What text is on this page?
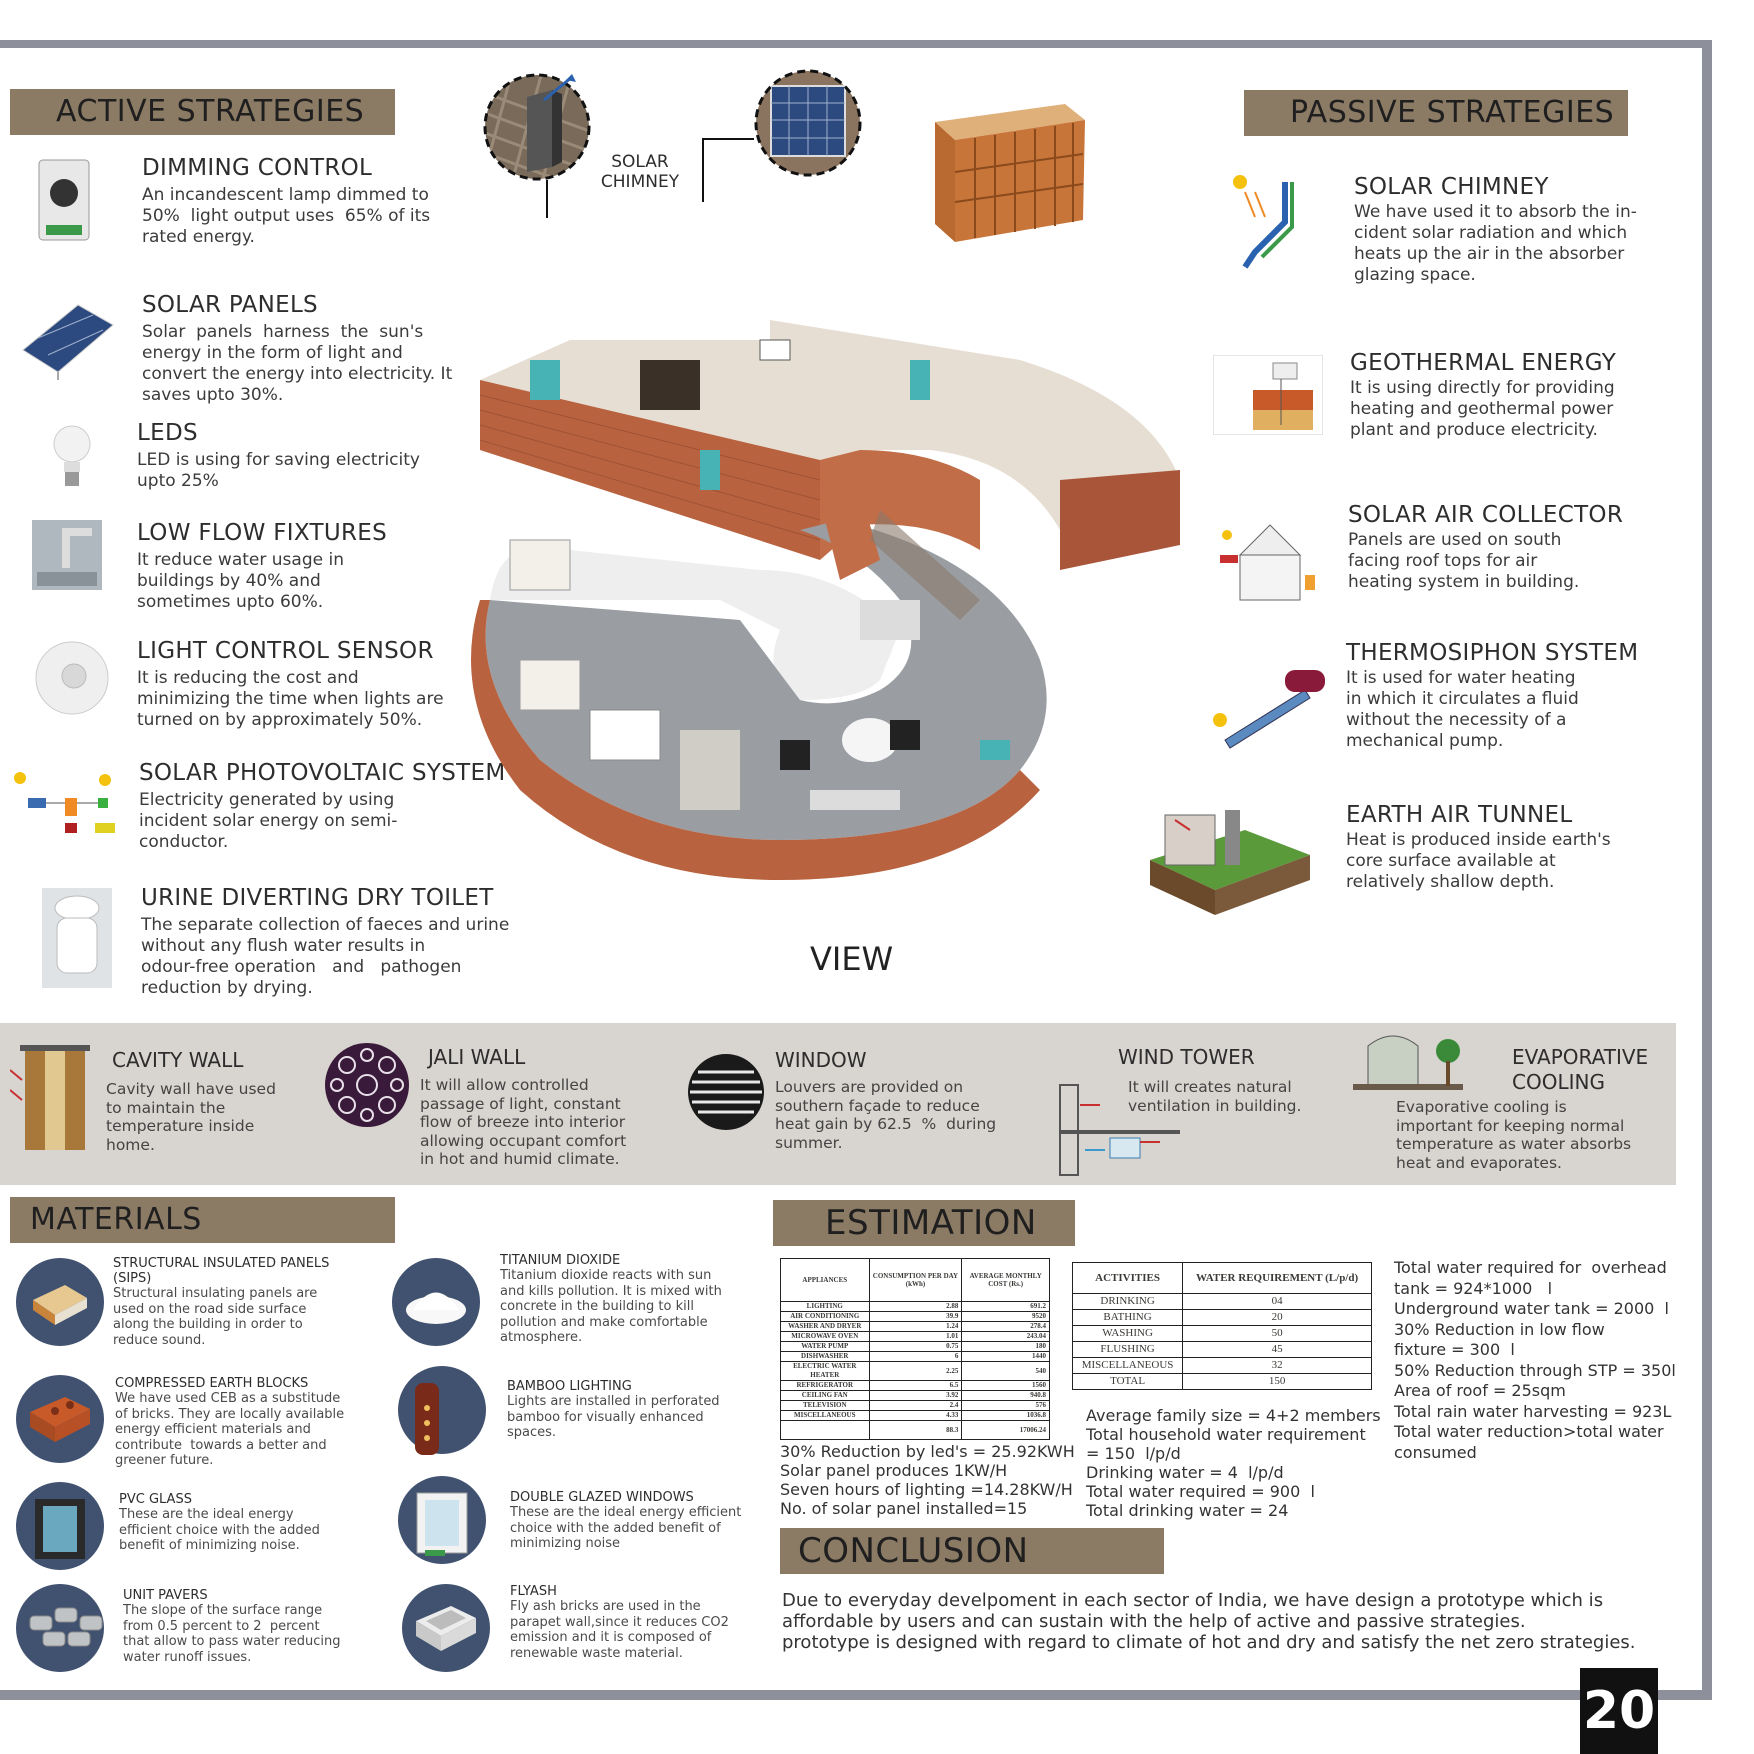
ACTIVE STRATEGIES
DIMMING CONTROL
An incandescent lamp dimmed to
50%  light output uses  65% of its
rated energy.
SOLAR PANELS
Solar  panels  harness  the  sun's
energy in the form of light and
convert the energy into electricity. It
saves upto 30%.
LEDS
LED is using for saving electricity
upto 25%
LOW FLOW FIXTURES
It reduce water usage in
buildings by 40% and
sometimes upto 60%.
LIGHT CONTROL SENSOR
It is reducing the cost and
minimizing the time when lights are
turned on by approximately 50%.
SOLAR PHOTOVOLTAIC SYSTEM
Electricity generated by using
incident solar energy on semi-
conductor.
URINE DIVERTING DRY TOILET
The separate collection of faeces and urine
without any flush water results in
odour-free operation   and   pathogen
reduction by drying.
PASSIVE STRATEGIES
SOLAR CHIMNEY
We have used it to absorb the in-
cident solar radiation and which
heats up the air in the absorber
glazing space.
GEOTHERMAL ENERGY
It is using directly for providing
heating and geothermal power
plant and produce electricity.
SOLAR AIR COLLECTOR
Panels are used on south
facing roof tops for air
heating system in building.
THERMOSIPHON SYSTEM
It is used for water heating
in which it circulates a fluid
without the necessity of a
mechanical pump.
EARTH AIR TUNNEL
Heat is produced inside earth's
core surface available at
relatively shallow depth.
SOLAR
CHIMNEY
VIEW
CAVITY WALL
Cavity wall have used
to maintain the
temperature inside
home.
JALI WALL
It will allow controlled
passage of light, constant
flow of breeze into interior
allowing occupant comfort
in hot and humid climate.
WINDOW
Louvers are provided on
southern façade to reduce
heat gain by 62.5  %  during
summer.
WIND TOWER
It will creates natural
ventilation in building.
EVAPORATIVE
COOLING
Evaporative cooling is
important for keeping normal
temperature as water absorbs
heat and evaporates.
MATERIALS
STRUCTURAL INSULATED PANELS
(SIPS)
Structural insulating panels are
used on the road side surface
along the building in order to
reduce sound.
COMPRESSED EARTH BLOCKS
We have used CEB as a substitude
of bricks. They are locally available
energy efficient materials and
contribute  towards a better and
greener future.
PVC GLASS
These are the ideal energy
efficient choice with the added
benefit of minimizing noise.
UNIT PAVERS
The slope of the surface range
from 0.5 percent to 2  percent
that allow to pass water reducing
water runoff issues.
TITANIUM DIOXIDE
Titanium dioxide reacts with sun
and kills pollution. It is mixed with
concrete in the building to kill
pollution and make comfortable
atmosphere.
BAMBOO LIGHTING
Lights are installed in perforated
bamboo for visually enhanced
spaces.
DOUBLE GLAZED WINDOWS
These are the ideal energy efficient
choice with the added benefit of
minimizing noise
FLYASH
Fly ash bricks are used in the
parapet wall,since it reduces CO2
emission and it is composed of
renewable waste material.
ESTIMATION
APPLIANCES	CONSUMPTION PER DAY (kWh)	AVERAGE MONTHLY COST (Rs.)
LIGHTING	2.88	691.2
AIR CONDITIONING	39.9	9520
WASHER AND DRYER	1.24	278.4
MICROWAVE OVEN	1.01	243.04
WATER PUMP	0.75	180
DISHWASHER	6	1440
ELECTRIC WATER HEATER	2.25	540
REFRIGERATOR	6.5	1560
CEILING FAN	3.92	940.8
TELEVISION	2.4	576
MISCELLANEOUS	4.33	1036.8
	88.3	17006.24
ACTIVITIES	WATER REQUIREMENT (L/p/d)
DRINKING	04
BATHING	20
WASHING	50
FLUSHING	45
MISCELLANEOUS	32
TOTAL	150
30% Reduction by led's = 25.92KWH
Solar panel produces 1KW/H
Seven hours of lighting =14.28KW/H
No. of solar panel installed=15
Average family size = 4+2 members
Total household water requirement
= 150  l/p/d
Drinking water = 4  l/p/d
Total water required = 900  l
Total drinking water = 24
Total water required for  overhead
tank = 924*1000   l
Underground water tank = 2000  l
30% Reduction in low flow
fixture = 300  l
50% Reduction through STP = 350l
Area of roof = 25sqm
Total rain water harvesting = 923L
Total water reduction>total water
consumed
CONCLUSION
Due to everyday develpoment in each sector of India, we have design a prototype which is
affordable by users and can sustain with the help of active and passive strategies.
prototype is designed with regard to climate of hot and dry and satisfy the net zero strategies.
20
